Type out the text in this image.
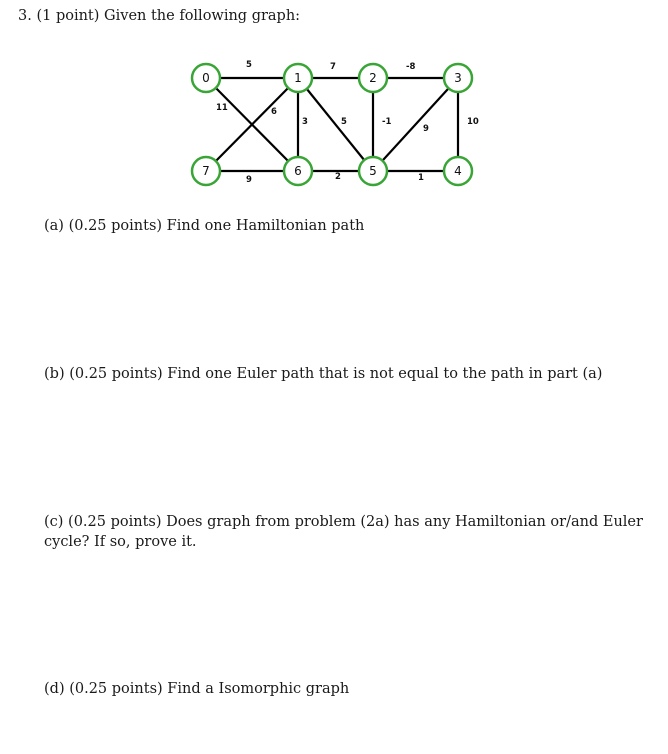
3. (1 point) Given the following graph:
5	7	-8
11	6
3	5	-1
9
10
9	2	1
0	1	2	3
7	6	5	4
(a) (0.25 points) Find one Hamiltonian path
(b) (0.25 points) Find one Euler path that is not equal to the path in part (a)
(c) (0.25 points) Does graph from problem (2a) has any Hamiltonian or/and Euler cycle? If so, prove it.
(d) (0.25 points) Find a Isomorphic graph
